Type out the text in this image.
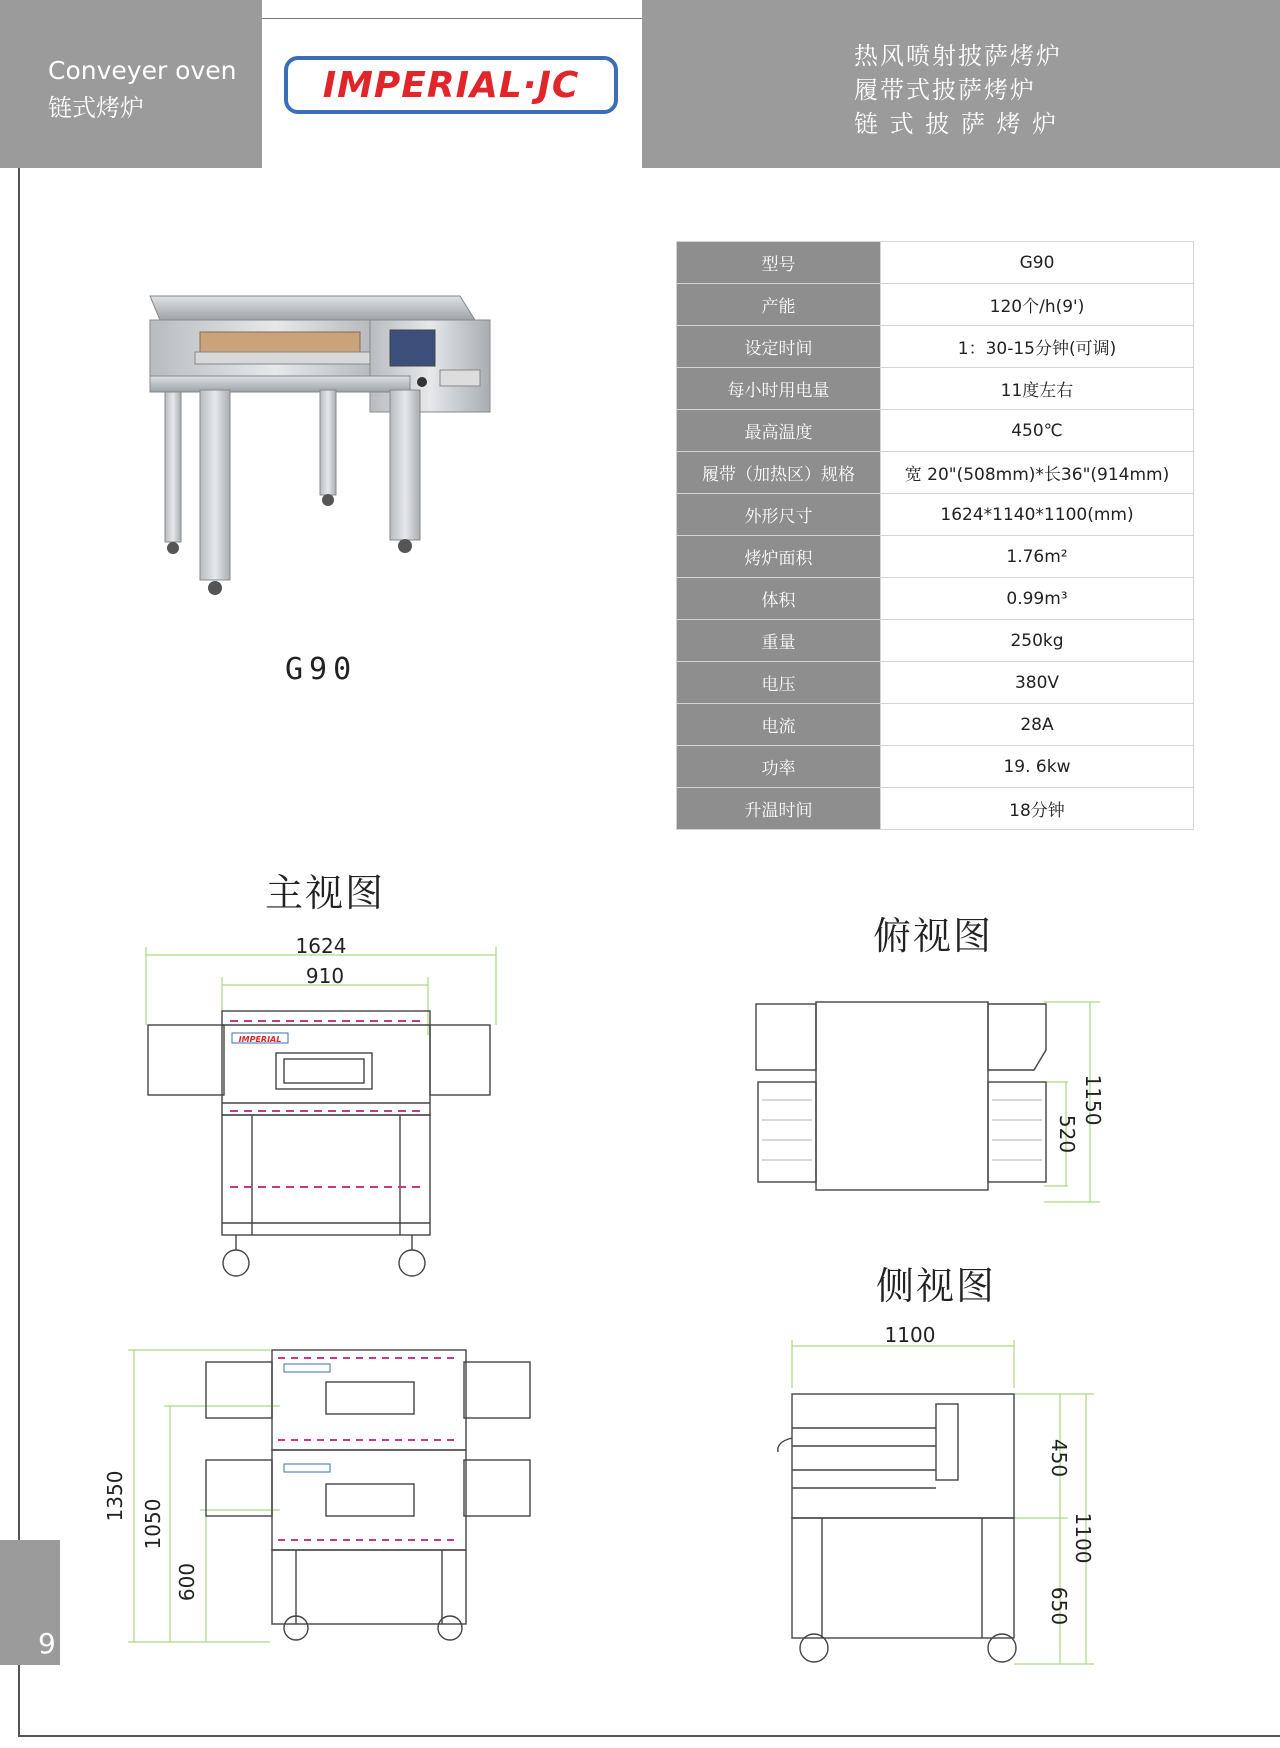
Conveyer oven
链式烤炉
IMPERIAL·JC
热风喷射披萨烤炉
履带式披萨烤炉
链 式 披 萨 烤 炉
G90
型号	G90
产能	120个/h(9')
设定时间	1：30-15分钟(可调)
每小时用电量	11度左右
最高温度	450℃
履带（加热区）规格	宽 20"(508mm)*长36"(914mm)
外形尺寸	1624*1140*1100(mm)
烤炉面积	1.76m²
体积	0.99m³
重量	250kg
电压	380V
电流	28A
功率	19. 6kw
升温时间	18分钟
主视图
俯视图
侧视图
1624
910
IMPERIAL
1150
520
1350
1050
600
1100
450
1100
650
9
